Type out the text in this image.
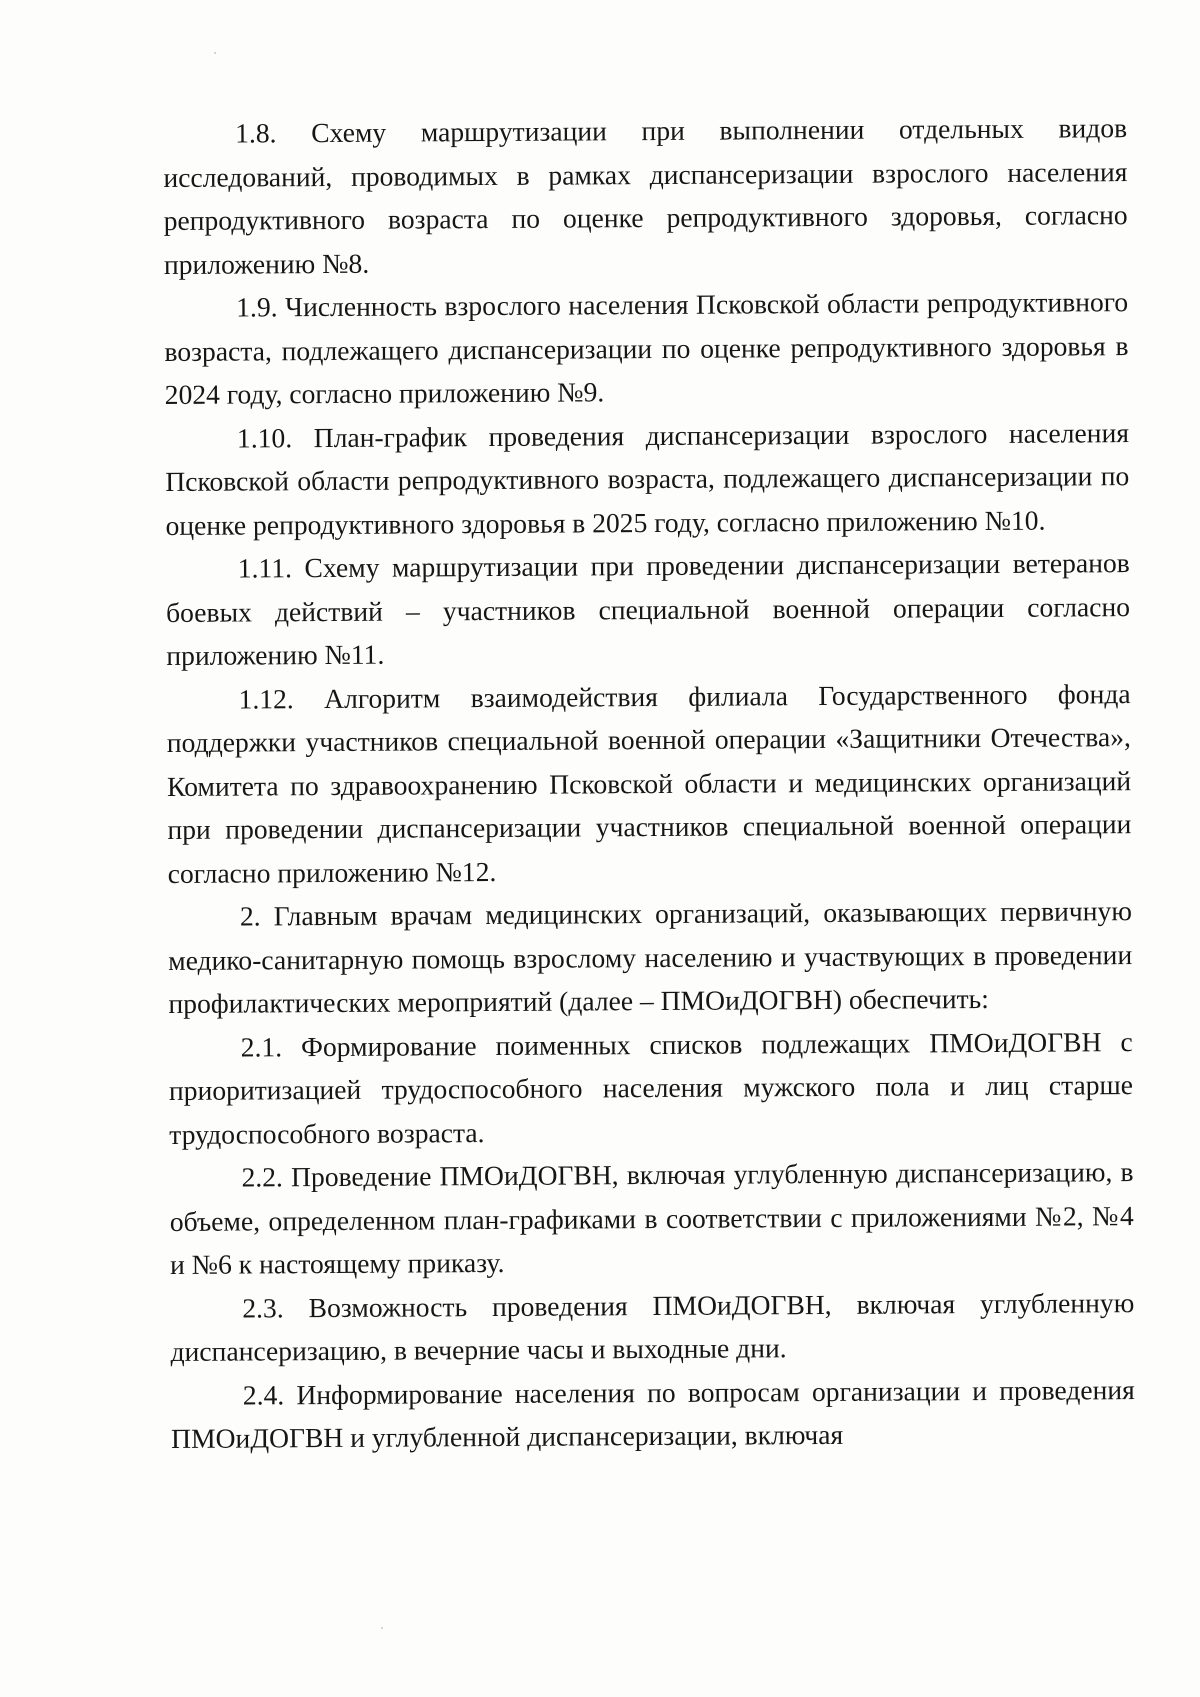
1.8. Схему маршрутизации при выполнении отдельных видов исследований, проводимых в рамках диспансеризации взрослого населения репродуктивного возраста по оценке репродуктивного здоровья, согласно приложению №8.

1.9. Численность взрослого населения Псковской области репродуктивного возраста, подлежащего диспансеризации по оценке репродуктивного здоровья в 2024 году, согласно приложению №9.

1.10. План-график проведения диспансеризации взрослого населения Псковской области репродуктивного возраста, подлежащего диспансеризации по оценке репродуктивного здоровья в 2025 году, согласно приложению №10.

1.11. Схему маршрутизации при проведении диспансеризации ветеранов боевых действий – участников специальной военной операции согласно приложению №11.

1.12. Алгоритм взаимодействия филиала Государственного фонда поддержки участников специальной военной операции «Защитники Отечества», Комитета по здравоохранению Псковской области и медицинских организаций при проведении диспансеризации участников специальной военной операции согласно приложению №12.

2. Главным врачам медицинских организаций, оказывающих первичную медико-санитарную помощь взрослому населению и участвующих в проведении профилактических мероприятий (далее – ПМОиДОГВН) обеспечить:

2.1. Формирование поименных списков подлежащих ПМОиДОГВН с приоритизацией трудоспособного населения мужского пола и лиц старше трудоспособного возраста.

2.2. Проведение ПМОиДОГВН, включая углубленную диспансеризацию, в объеме, определенном план-графиками в соответствии с приложениями №2, №4 и №6 к настоящему приказу.

2.3. Возможность проведения ПМОиДОГВН, включая углубленную диспансеризацию, в вечерние часы и выходные дни.

2.4. Информирование населения по вопросам организации и проведения ПМОиДОГВН и углубленной диспансеризации, включая
